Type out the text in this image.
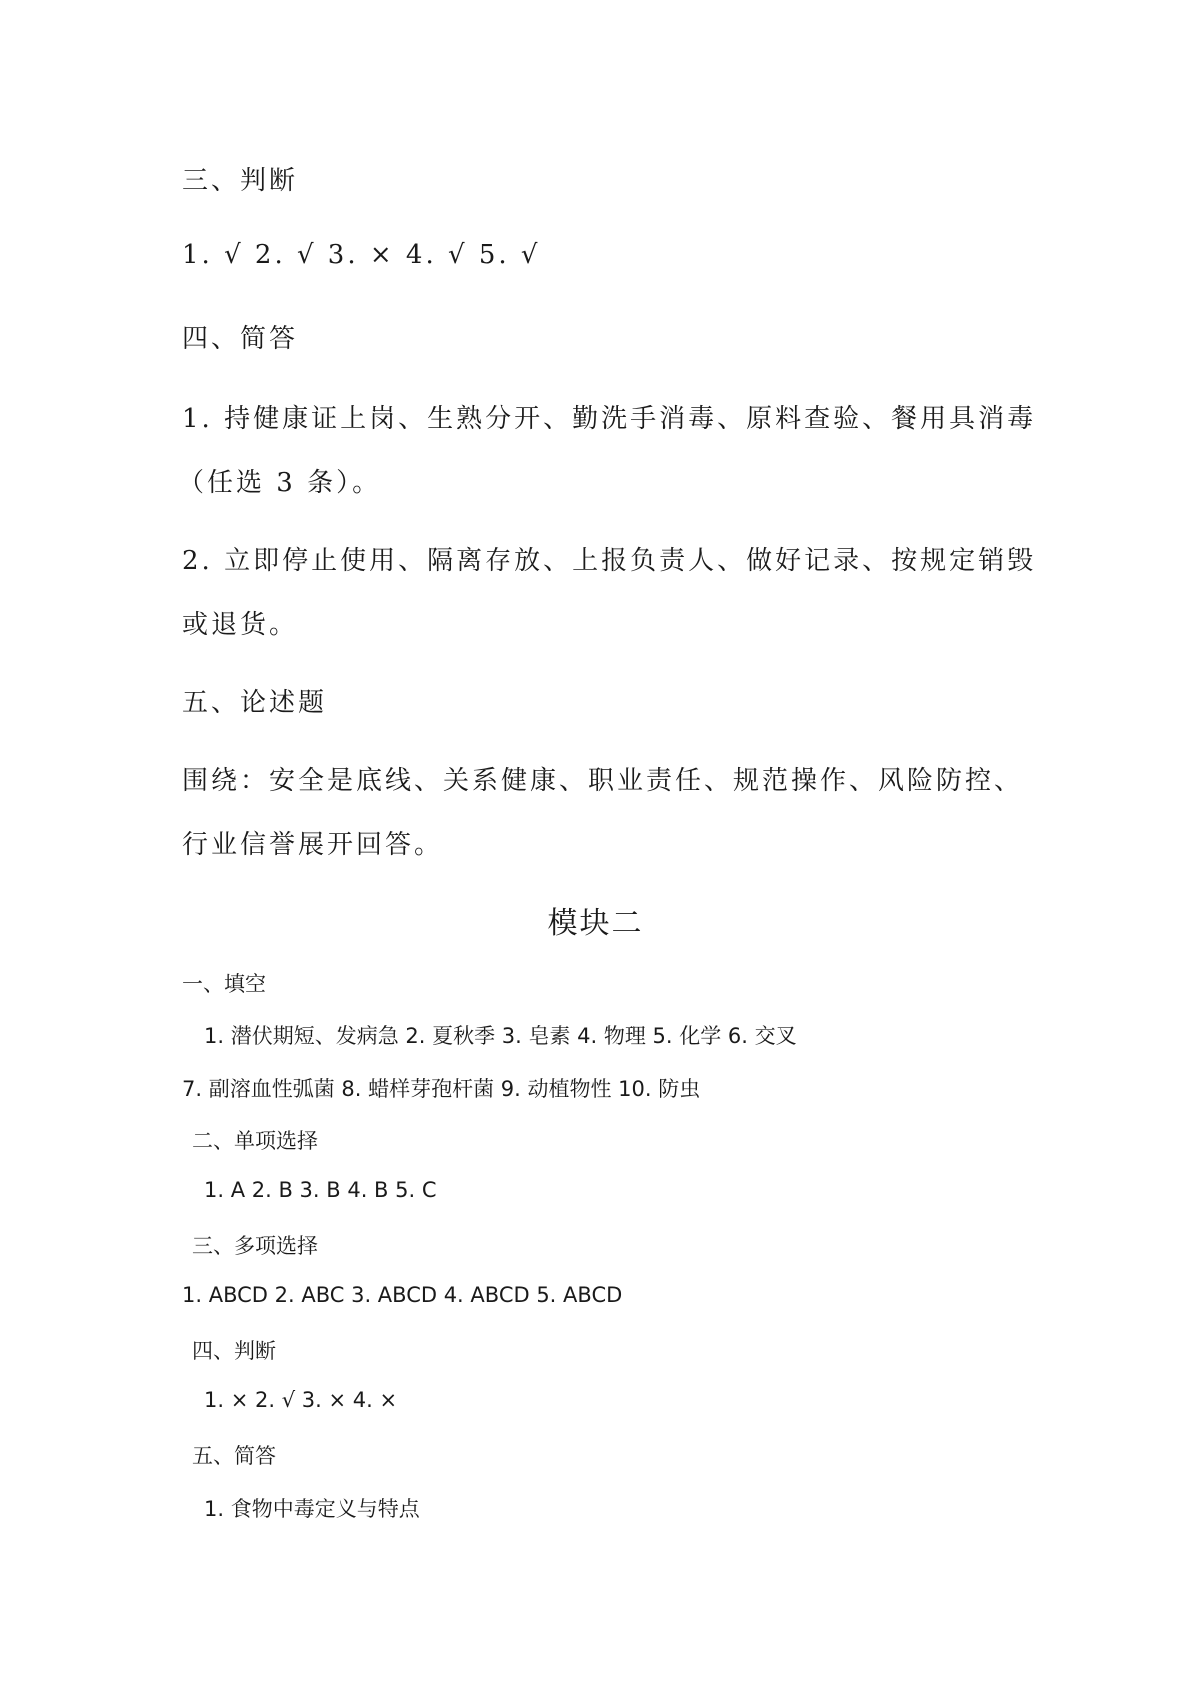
三、判断
1. √ 2. √ 3. × 4. √ 5. √
四、简答
1. 持健康证上岗、生熟分开、勤洗手消毒、原料查验、餐用具消毒
（任选 3 条）。
2. 立即停止使用、隔离存放、上报负责人、做好记录、按规定销毁
或退货。
五、论述题
围绕：安全是底线、关系健康、职业责任、规范操作、风险防控、
行业信誉展开回答。
模块二
一、填空
1. 潜伏期短、发病急 2. 夏秋季 3. 皂素 4. 物理 5. 化学 6. 交叉
7. 副溶血性弧菌 8. 蜡样芽孢杆菌 9. 动植物性 10. 防虫
二、单项选择
1. A 2. B 3. B 4. B 5. C
三、多项选择
1. ABCD 2. ABC 3. ABCD 4. ABCD 5. ABCD
四、判断
1. × 2. √ 3. × 4. ×
五、简答
1. 食物中毒定义与特点
